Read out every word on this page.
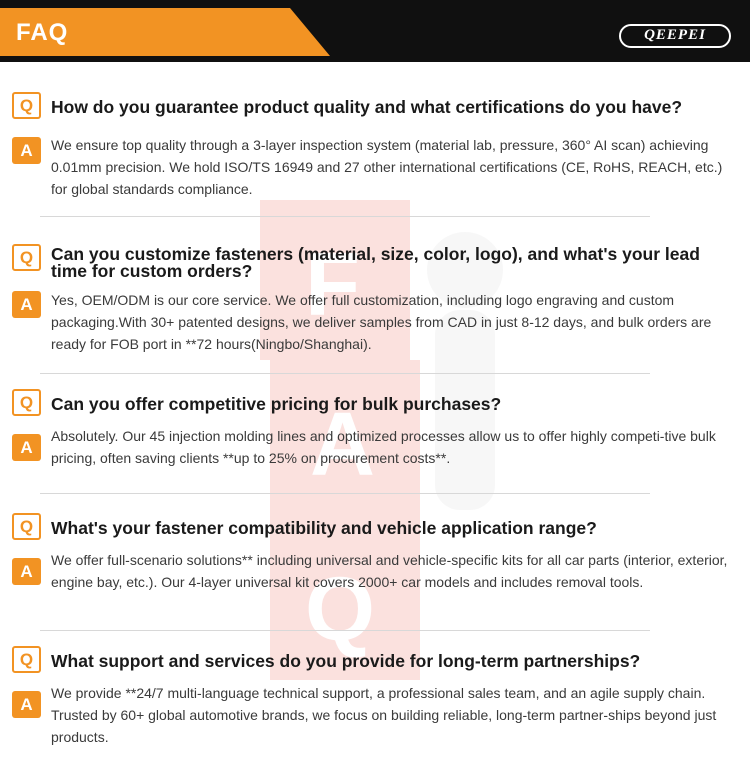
FAQ	QEEPEI
F
A
Q
Q	How do you guarantee product quality and what certifications do you have?
A	We ensure top quality through a 3-layer inspection system (material lab, pressure, 360° AI scan) achieving 0.01mm precision. We hold ISO/TS 16949 and 27 other international certifications (CE, RoHS, REACH, etc.) for global standards compliance.
Q	Can you customize fasteners (material, size, color, logo), and what's your lead time for custom orders?
A	Yes, OEM/ODM is our core service. We offer full customization, including logo engraving and custom packaging.With 30+ patented designs, we deliver samples from CAD in just 8-12 days, and bulk orders are ready for FOB port in **72 hours(Ningbo/Shanghai).
Q	Can you offer competitive pricing for bulk purchases?
A
Absolutely. Our 45 injection molding lines and optimized processes allow us to offer highly competi-tive bulk pricing, often saving clients **up to 25% on procurement costs**.
Q	What's your fastener compatibility and vehicle application range?
A
We offer full-scenario solutions** including universal and vehicle-specific kits for all car parts (interior, exterior, engine bay, etc.). Our 4-layer universal kit covers 2000+ car models and includes removal tools.
Q	What support and services do you provide for long-term partnerships?
A
We provide **24/7 multi-language technical support, a professional sales team, and an agile supply chain. Trusted by 60+ global automotive brands, we focus on building reliable, long-term partner-ships beyond just products.
